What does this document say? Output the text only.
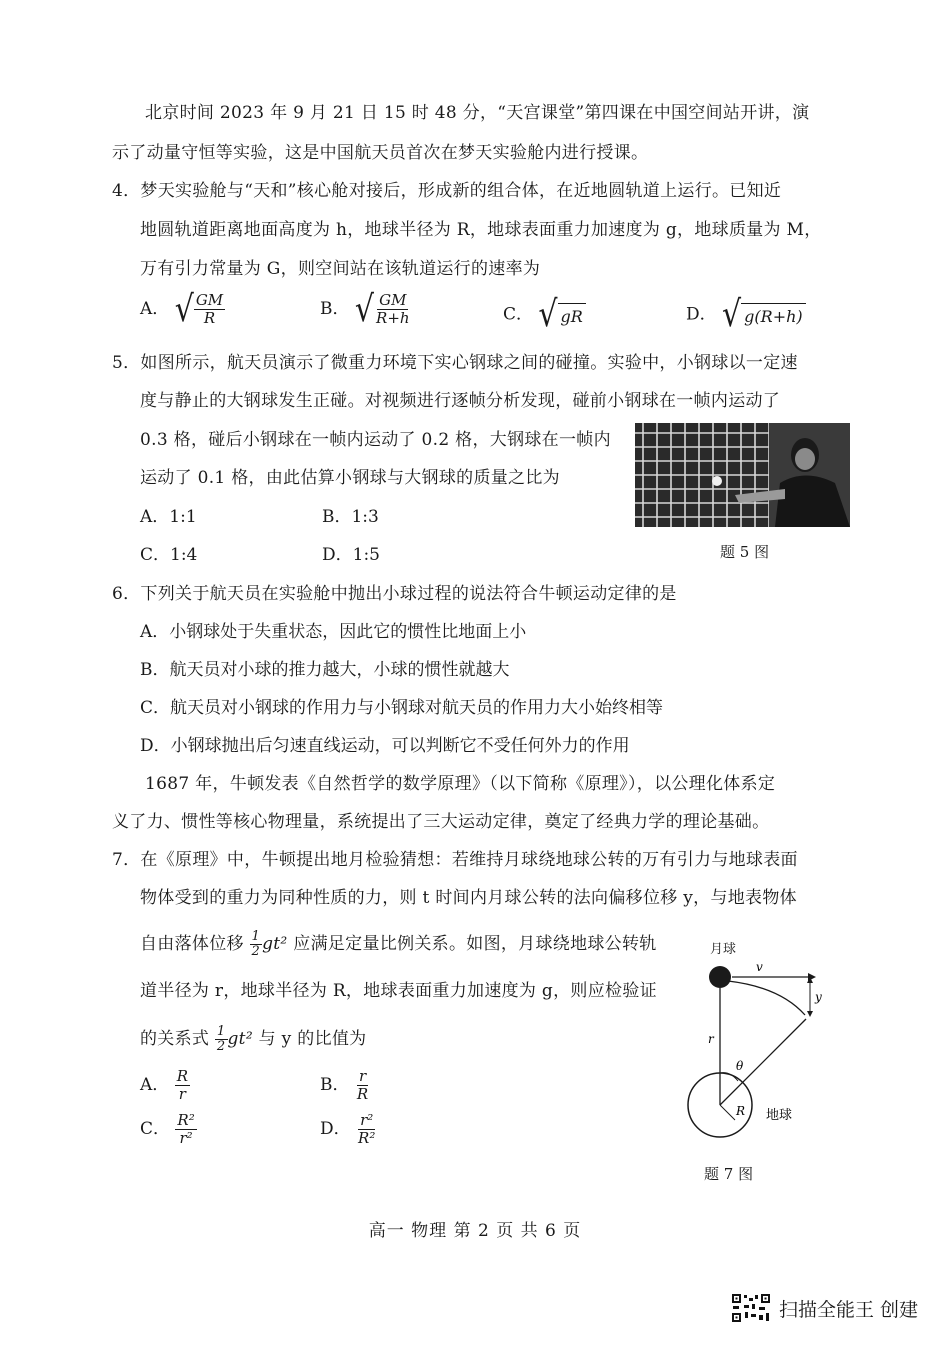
北京时间 2023 年 9 月 21 日 15 时 48 分，“天宫课堂”第四课在中国空间站开讲，演
示了动量守恒等实验，这是中国航天员首次在梦天实验舱内进行授课。
4．梦天实验舱与“天和”核心舱对接后，形成新的组合体，在近地圆轨道上运行。已知近
地圆轨道距离地面高度为 h，地球半径为 R，地球表面重力加速度为 g，地球质量为 M，
万有引力常量为 G，则空间站在该轨道运行的速率为
A． √ $\frac{GM}{R}$	B． √ $\frac{GM}{R+h}$	C． √ gR	D． √ g(R+h)
5．如图所示，航天员演示了微重力环境下实心钢球之间的碰撞。实验中，小钢球以一定速
度与静止的大钢球发生正碰。对视频进行逐帧分析发现，碰前小钢球在一帧内运动了
0.3 格，碰后小钢球在一帧内运动了 0.2 格，大钢球在一帧内
运动了 0.1 格，由此估算小钢球与大钢球的质量之比为
A．1:1	B．1:3
C．1:4	D．1:5	题 5 图
6．下列关于航天员在实验舱中抛出小球过程的说法符合牛顿运动定律的是
A．小钢球处于失重状态，因此它的惯性比地面上小
B．航天员对小球的推力越大，小球的惯性就越大
C．航天员对小钢球的作用力与小钢球对航天员的作用力大小始终相等
D．小钢球抛出后匀速直线运动，可以判断它不受任何外力的作用
1687 年，牛顿发表《自然哲学的数学原理》（以下简称《原理》），以公理化体系定
义了力、惯性等核心物理量，系统提出了三大运动定律，奠定了经典力学的理论基础。
7．在《原理》中，牛顿提出地月检验猜想：若维持月球绕地球公转的万有引力与地球表面
物体受到的重力为同种性质的力，则 t 时间内月球公转的法向偏移位移 y，与地表物体
自由落体位移 $\frac{1}{2} gt^2$ 应满足定量比例关系。如图，月球绕地球公转轨
道半径为 r，地球半径为 R，地球表面重力加速度为 g，则应检验证
的关系式 $\frac{1}{2} gt^2$ 与 y 的比值为
A． $\frac{R}{r}$	B． $\frac{r}{R}$
C． $\frac{\text{R²}}{\text{r²}}$	D． $\frac{\text{r²}}{\text{R²}}$
月球
v
y
r
θ
R 地球
题 7 图
高一 物理 第 2 页 共 6 页
扫描全能王 创建
